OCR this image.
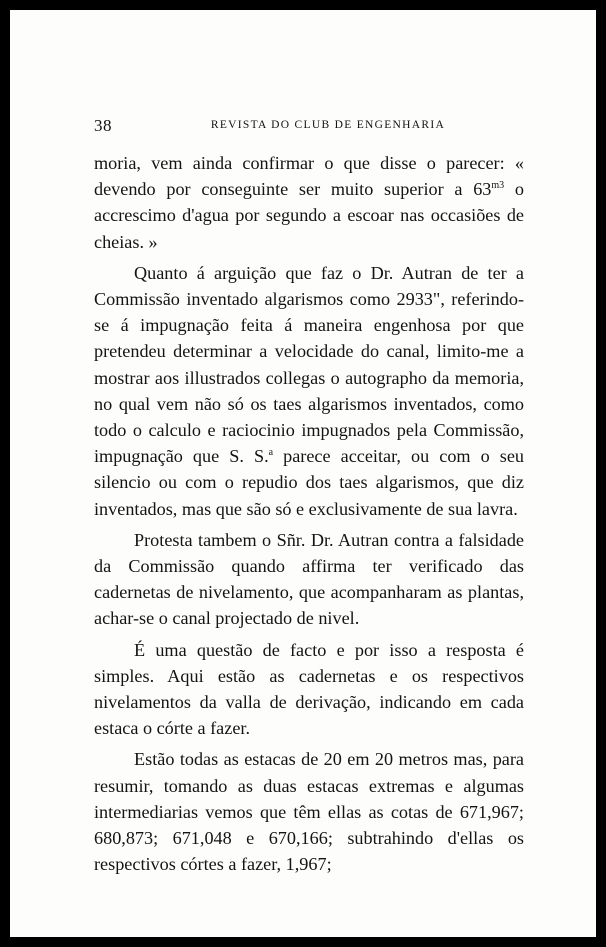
38	REVISTA DO CLUB DE ENGENHARIA

moria, vem ainda confirmar o que disse o parecer: « devendo por conseguinte ser muito superior a $63^{m3}$ o accrescimo d'agua por segundo a escoar nas occasiões de cheias. »

Quanto á arguição que faz o Dr. Autran de ter a Commissão inventado algarismos como 2933", referindo-se á impugnação feita á maneira engenhosa por que pretendeu determinar a velocidade do canal, limito-me a mostrar aos illustrados collegas o autographo da memoria, no qual vem não só os taes algarismos inventados, como todo o calculo e raciocinio impugnados pela Commissão, impugnação que S. S.$^a$ parece acceitar, ou com o seu silencio ou com o repudio dos taes algarismos, que diz inventados, mas que são só e exclusivamente de sua lavra.

Protesta tambem o Sñr. Dr. Autran contra a falsidade da Commissão quando affirma ter verificado das cadernetas de nivelamento, que acompanharam as plantas, achar-se o canal projectado de nivel.

É uma questão de facto e por isso a resposta é simples. Aqui estão as cadernetas e os respectivos nivelamentos da valla de derivação, indicando em cada estaca o córte a fazer.

Estão todas as estacas de 20 em 20 metros mas, para resumir, tomando as duas estacas extremas e algumas intermediarias vemos que têm ellas as cotas de 671,967; 680,873; 671,048 e 670,166; subtrahindo d'ellas os respectivos córtes a fazer, 1,967;
